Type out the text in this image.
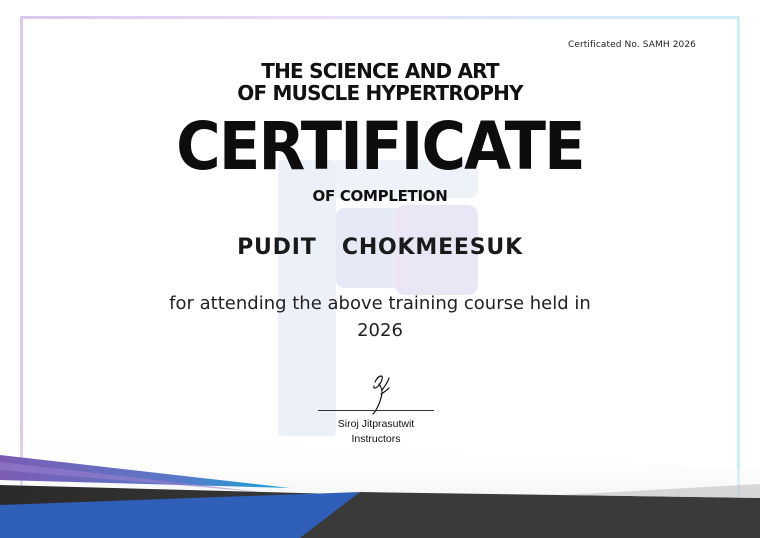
Certificated No. SAMH 2026
THE SCIENCE AND ART
OF MUSCLE HYPERTROPHY
CERTIFICATE
OF COMPLETION
PUDIT   CHOKMEESUK
for attending the above training course held in
2026
Siroj Jitprasutwit
Instructors
